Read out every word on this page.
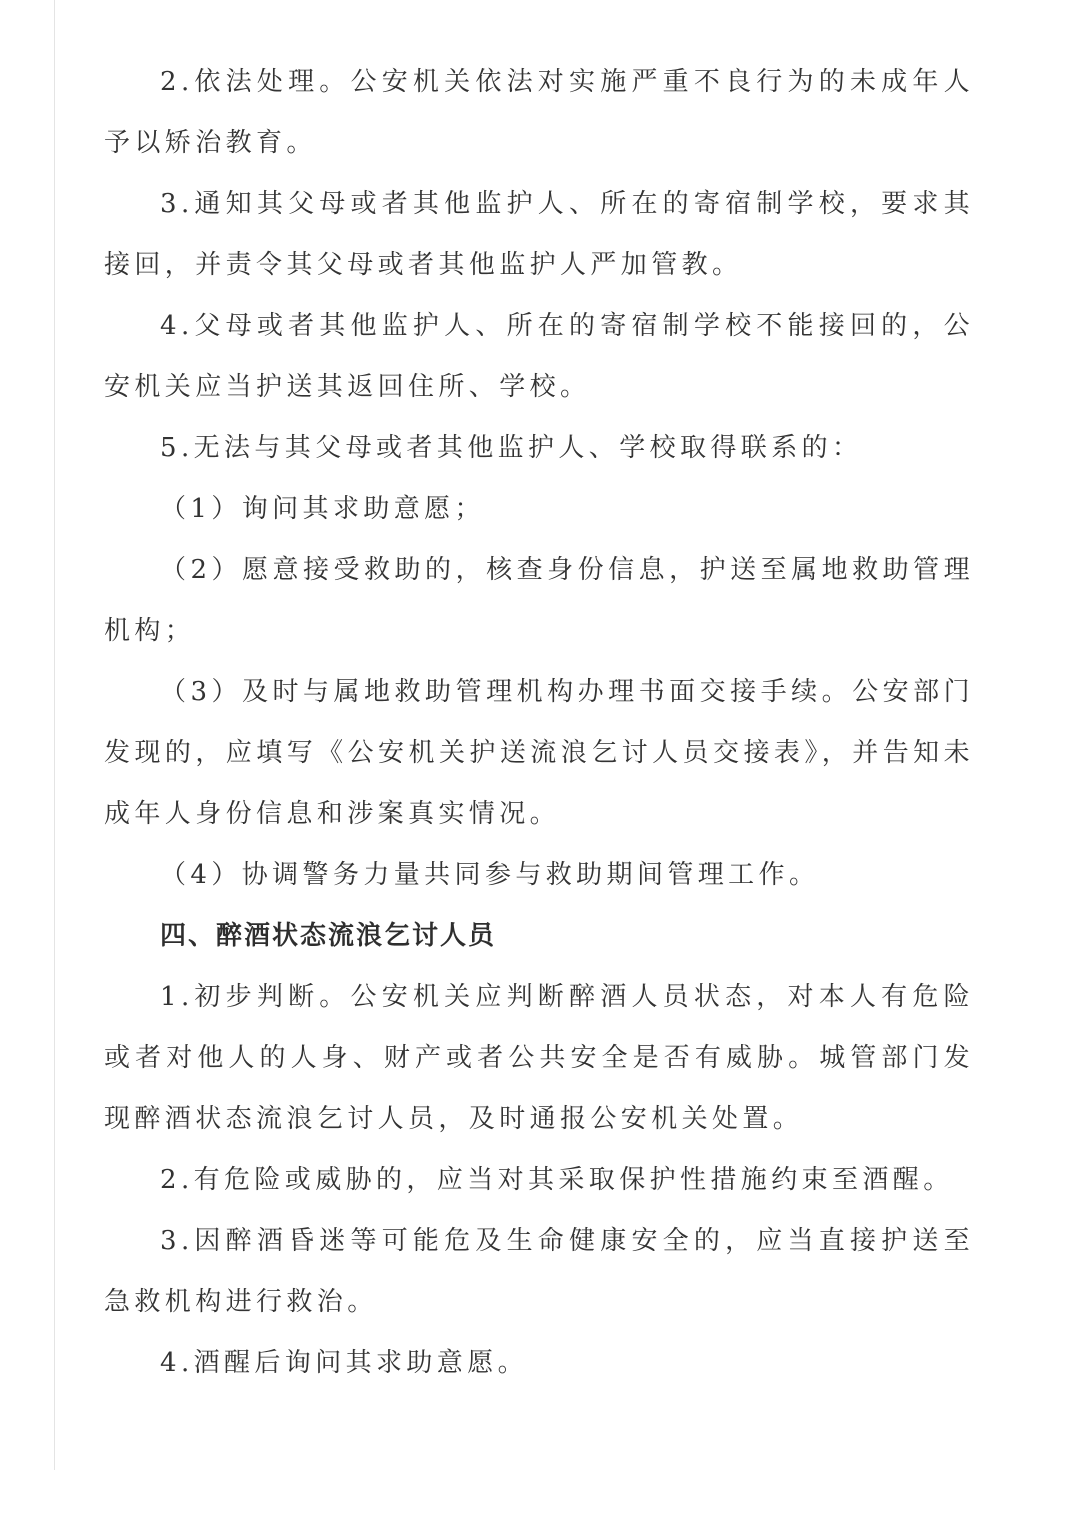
2.依法处理。公安机关依法对实施严重不良行为的未成年人予以矫治教育。

3.通知其父母或者其他监护人、所在的寄宿制学校，要求其接回，并责令其父母或者其他监护人严加管教。

4.父母或者其他监护人、所在的寄宿制学校不能接回的，公安机关应当护送其返回住所、学校。

5.无法与其父母或者其他监护人、学校取得联系的：

（1）询问其求助意愿；

（2）愿意接受救助的，核查身份信息，护送至属地救助管理机构；

（3）及时与属地救助管理机构办理书面交接手续。公安部门发现的，应填写《公安机关护送流浪乞讨人员交接表》，并告知未成年人身份信息和涉案真实情况。

（4）协调警务力量共同参与救助期间管理工作。

四、醉酒状态流浪乞讨人员

1.初步判断。公安机关应判断醉酒人员状态，对本人有危险或者对他人的人身、财产或者公共安全是否有威胁。城管部门发现醉酒状态流浪乞讨人员，及时通报公安机关处置。

2.有危险或威胁的，应当对其采取保护性措施约束至酒醒。

3.因醉酒昏迷等可能危及生命健康安全的，应当直接护送至急救机构进行救治。

4.酒醒后询问其求助意愿。
